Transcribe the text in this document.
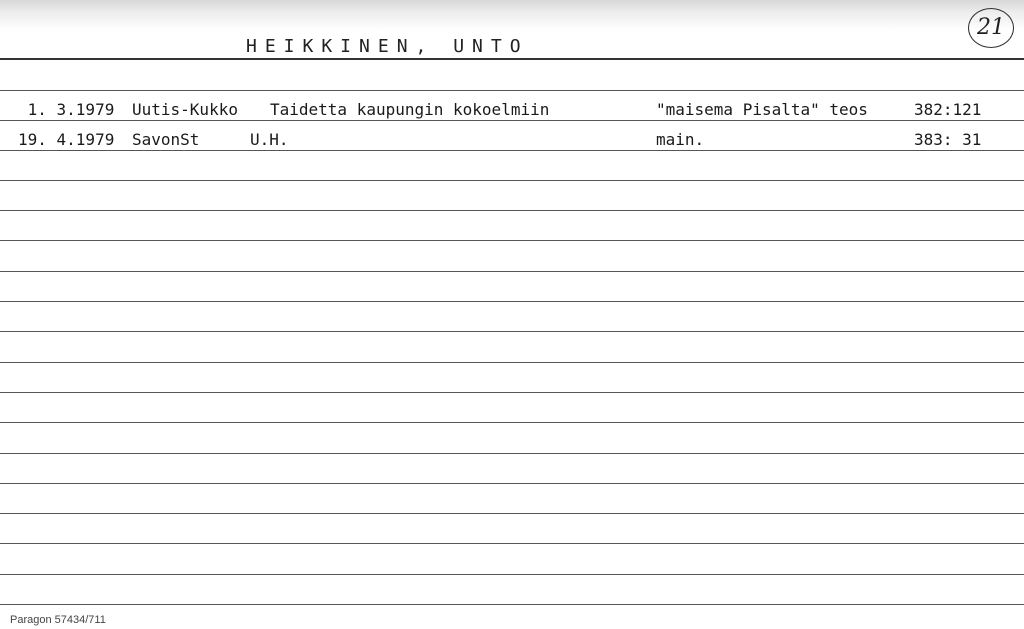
HEIKKINEN, UNTO
21
1. 3.1979 Uutis-Kukko Taidetta kaupungin kokoelmiin	"maisema Pisalta" teos	382:121
19. 4.1979 SavonSt	U.H.	main.	383: 31
Paragon 57434/711
